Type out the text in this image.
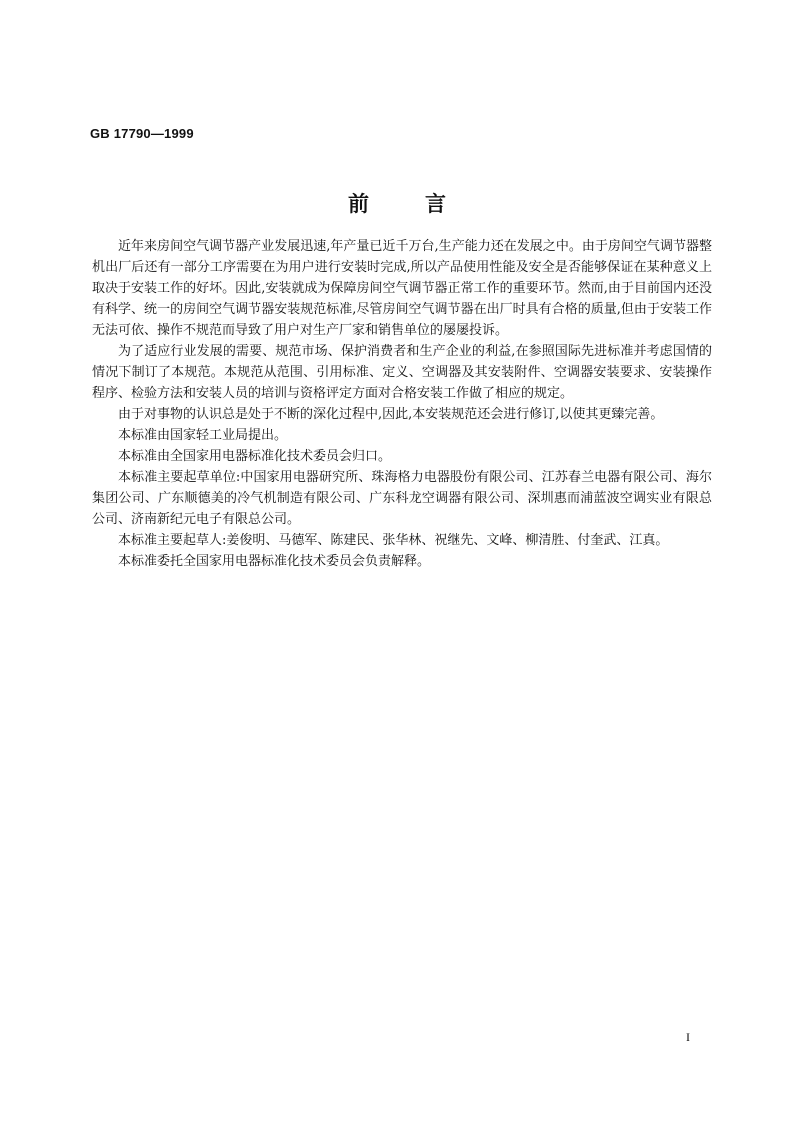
GB 17790—1999
前言

近年来房间空气调节器产业发展迅速,年产量已近千万台,生产能力还在发展之中。由于房间空气调节器整机出厂后还有一部分工序需要在为用户进行安装时完成,所以产品使用性能及安全是否能够保证在某种意义上取决于安装工作的好坏。因此,安装就成为保障房间空气调节器正常工作的重要环节。然而,由于目前国内还没有科学、统一的房间空气调节器安装规范标准,尽管房间空气调节器在出厂时具有合格的质量,但由于安装工作无法可依、操作不规范而导致了用户对生产厂家和销售单位的屡屡投诉。

为了适应行业发展的需要、规范市场、保护消费者和生产企业的利益,在参照国际先进标准并考虑国情的情况下制订了本规范。本规范从范围、引用标准、定义、空调器及其安装附件、空调器安装要求、安装操作程序、检验方法和安装人员的培训与资格评定方面对合格安装工作做了相应的规定。

由于对事物的认识总是处于不断的深化过程中,因此,本安装规范还会进行修订,以使其更臻完善。

本标准由国家轻工业局提出。

本标准由全国家用电器标准化技术委员会归口。

本标准主要起草单位:中国家用电器研究所、珠海格力电器股份有限公司、江苏春兰电器有限公司、海尔集团公司、广东顺德美的冷气机制造有限公司、广东科龙空调器有限公司、深圳惠而浦蓝波空调实业有限总公司、济南新纪元电子有限总公司。

本标准主要起草人:姜俊明、马德军、陈建民、张华林、祝继先、文峰、柳清胜、付奎武、江真。

本标准委托全国家用电器标准化技术委员会负责解释。

I
